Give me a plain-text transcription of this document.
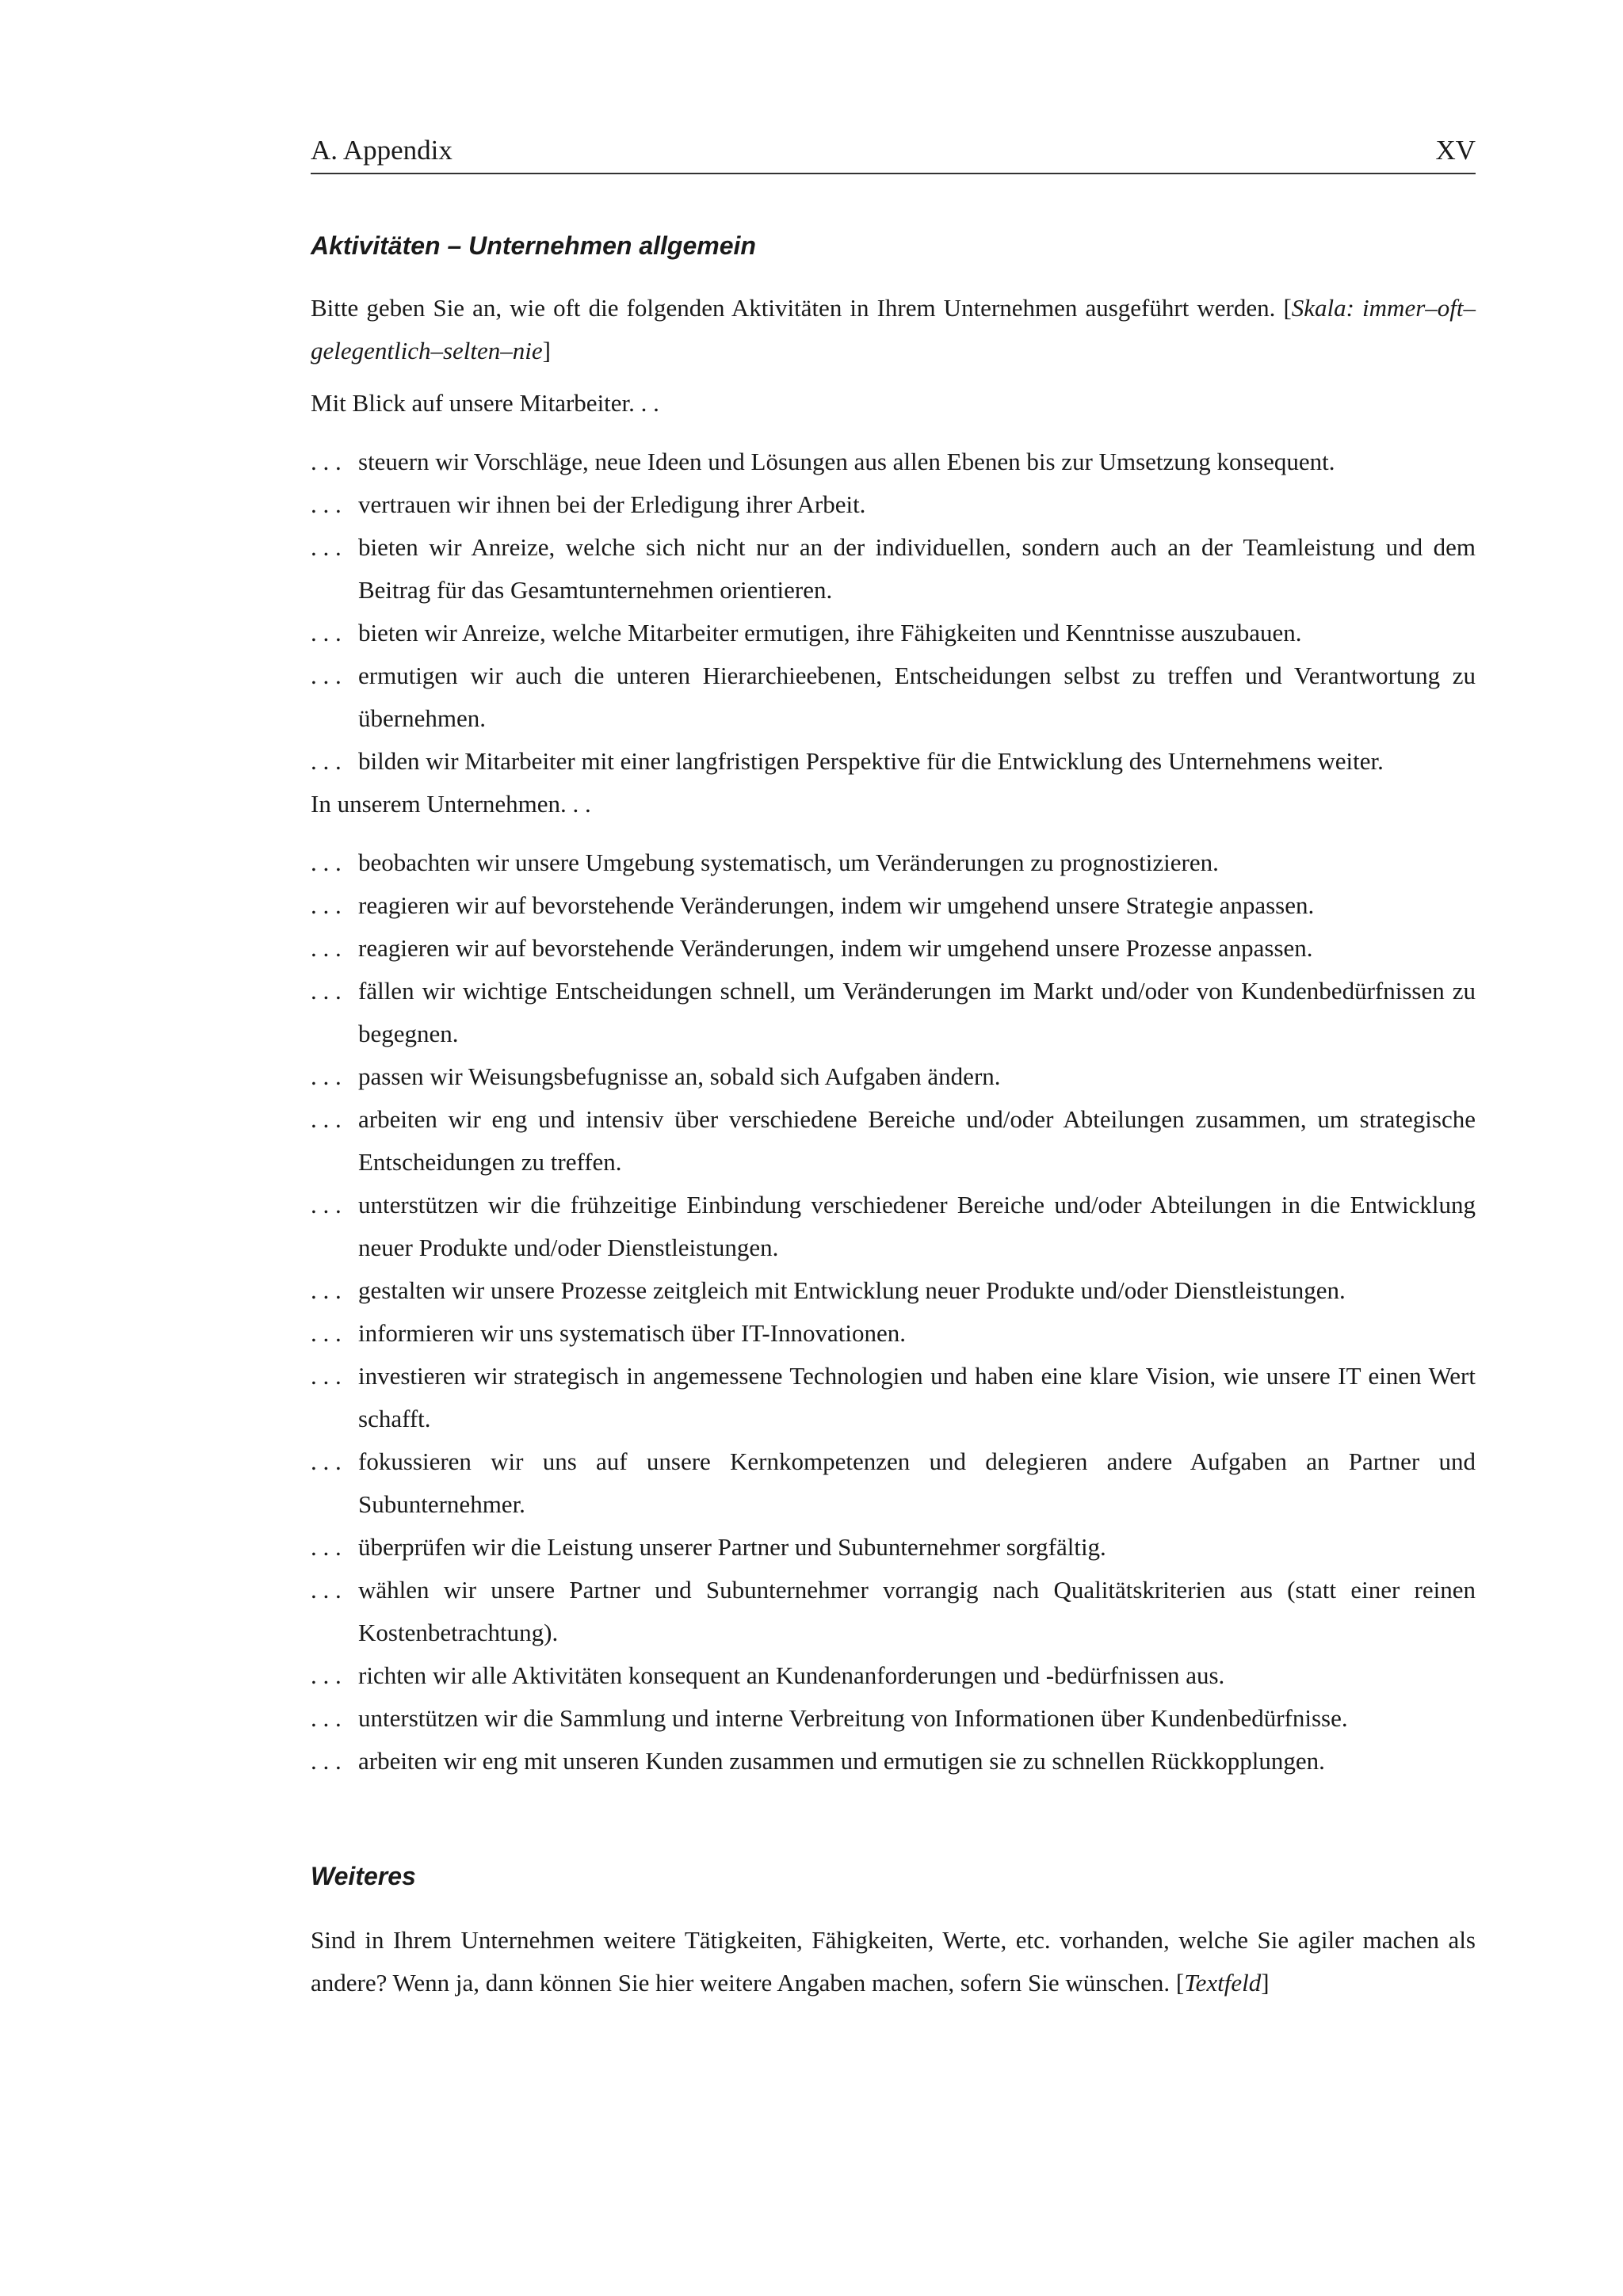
A. Appendix	XV
Aktivitäten – Unternehmen allgemein

Bitte geben Sie an, wie oft die folgenden Aktivitäten in Ihrem Unternehmen ausgeführt werden. [Skala: immer–oft–gelegentlich–selten–nie]

Mit Blick auf unsere Mitarbeiter. . .

. . . steuern wir Vorschläge, neue Ideen und Lösungen aus allen Ebenen bis zur Umsetzung konsequent.
. . . vertrauen wir ihnen bei der Erledigung ihrer Arbeit.
. . . bieten wir Anreize, welche sich nicht nur an der individuellen, sondern auch an der Teamleistung und dem Beitrag für das Gesamtunternehmen orientieren.
. . . bieten wir Anreize, welche Mitarbeiter ermutigen, ihre Fähigkeiten und Kenntnisse auszubauen.
. . . ermutigen wir auch die unteren Hierarchieebenen, Entscheidungen selbst zu treffen und Verantwortung zu übernehmen.
. . . bilden wir Mitarbeiter mit einer langfristigen Perspektive für die Entwicklung des Unternehmens weiter.

In unserem Unternehmen. . .

. . . beobachten wir unsere Umgebung systematisch, um Veränderungen zu prognostizieren.
. . . reagieren wir auf bevorstehende Veränderungen, indem wir umgehend unsere Strategie anpassen.
. . . reagieren wir auf bevorstehende Veränderungen, indem wir umgehend unsere Prozesse anpassen.
. . . fällen wir wichtige Entscheidungen schnell, um Veränderungen im Markt und/oder von Kundenbedürfnissen zu begegnen.
. . . passen wir Weisungsbefugnisse an, sobald sich Aufgaben ändern.
. . . arbeiten wir eng und intensiv über verschiedene Bereiche und/oder Abteilungen zusammen, um strategische Entscheidungen zu treffen.
. . . unterstützen wir die frühzeitige Einbindung verschiedener Bereiche und/oder Abteilungen in die Entwicklung neuer Produkte und/oder Dienstleistungen.
. . . gestalten wir unsere Prozesse zeitgleich mit Entwicklung neuer Produkte und/oder Dienstleistungen.
. . . informieren wir uns systematisch über IT-Innovationen.
. . . investieren wir strategisch in angemessene Technologien und haben eine klare Vision, wie unsere IT einen Wert schafft.
. . . fokussieren wir uns auf unsere Kernkompetenzen und delegieren andere Aufgaben an Partner und Subunternehmer.
. . . überprüfen wir die Leistung unserer Partner und Subunternehmer sorgfältig.
. . . wählen wir unsere Partner und Subunternehmer vorrangig nach Qualitätskriterien aus (statt einer reinen Kostenbetrachtung).
. . . richten wir alle Aktivitäten konsequent an Kundenanforderungen und -bedürfnissen aus.
. . . unterstützen wir die Sammlung und interne Verbreitung von Informationen über Kundenbedürfnisse.
. . . arbeiten wir eng mit unseren Kunden zusammen und ermutigen sie zu schnellen Rückkopplungen.
Weiteres

Sind in Ihrem Unternehmen weitere Tätigkeiten, Fähigkeiten, Werte, etc. vorhanden, welche Sie agiler machen als andere? Wenn ja, dann können Sie hier weitere Angaben machen, sofern Sie wünschen. [Textfeld]
